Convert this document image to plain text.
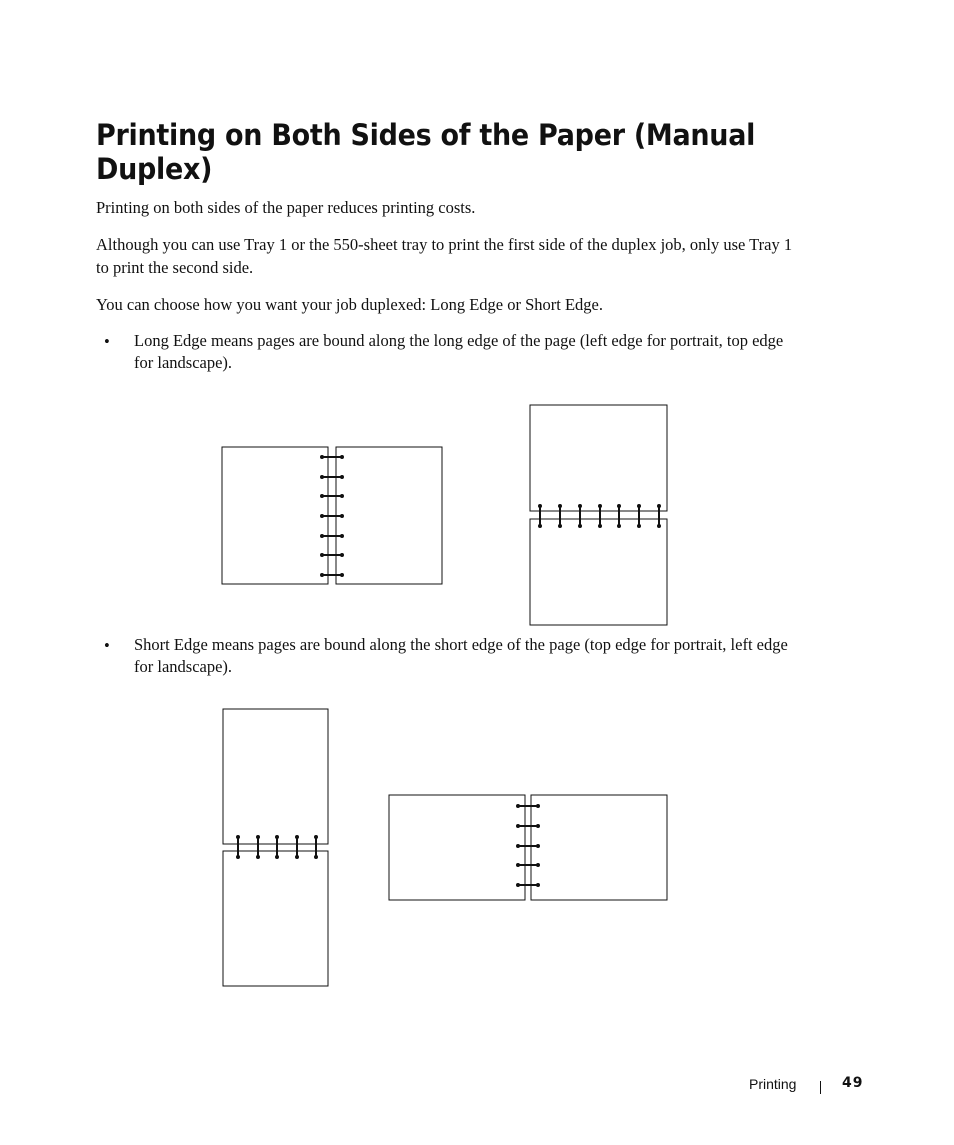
Printing on Both Sides of the Paper (Manual Duplex)

Printing on both sides of the paper reduces printing costs.

Although you can use Tray 1 or the 550-sheet tray to print the first side of the duplex job, only use Tray 1 to print the second side.

You can choose how you want your job duplexed: Long Edge or Short Edge.

• Long Edge means pages are bound along the long edge of the page (left edge for portrait, top edge for landscape).

• Short Edge means pages are bound along the short edge of the page (top edge for portrait, left edge for landscape).

Printing	49
